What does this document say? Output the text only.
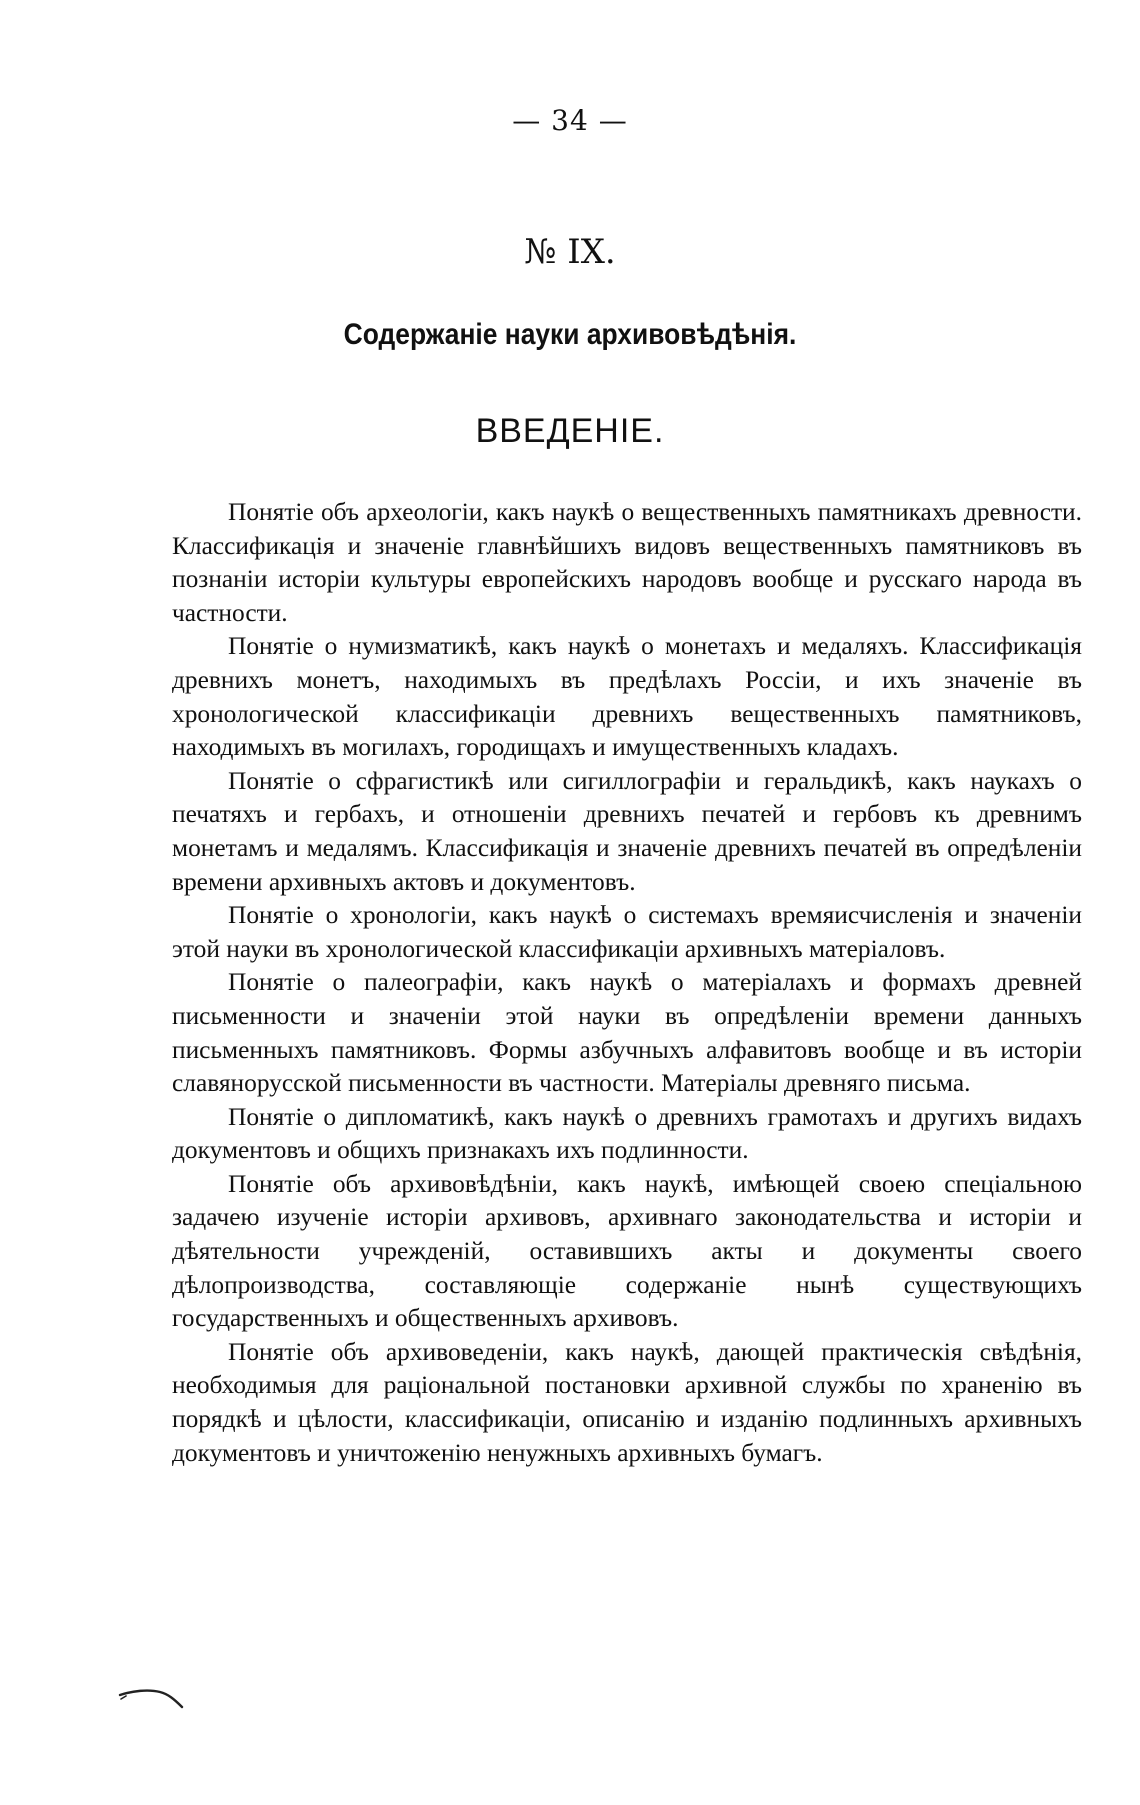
— 34 —
№ IX.
Содержаніе науки архивовѣдѣнія.
ВВЕДЕНІЕ.

Понятіе объ археологіи, какъ наукѣ о вещественныхъ памятникахъ древности. Классификація и значеніе главнѣйшихъ видовъ вещественныхъ памятниковъ въ познаніи исторіи культуры европейскихъ народовъ вообще и русскаго народа въ частности.

Понятіе о нумизматикѣ, какъ наукѣ о монетахъ и медаляхъ. Классификація древнихъ монетъ, находимыхъ въ предѣлахъ Россіи, и ихъ значеніе въ хронологической классификаціи древнихъ вещественныхъ памятниковъ, находимыхъ въ могилахъ, городищахъ и имущественныхъ кладахъ.

Понятіе о сфрагистикѣ или сигиллографіи и геральдикѣ, какъ наукахъ о печатяхъ и гербахъ, и отношеніи древнихъ печатей и гербовъ къ древнимъ монетамъ и медалямъ. Классификація и значеніе древнихъ печатей въ опредѣленіи времени архивныхъ актовъ и документовъ.

Понятіе о хронологіи, какъ наукѣ о системахъ времяисчисленія и значеніи этой науки въ хронологической классификаціи архивныхъ матеріаловъ.

Понятіе о палеографіи, какъ наукѣ о матеріалахъ и формахъ древней письменности и значеніи этой науки въ опредѣленіи времени данныхъ письменныхъ памятниковъ. Формы азбучныхъ алфавитовъ вообще и въ исторіи славянорусской письменности въ частности. Матеріалы древняго письма.

Понятіе о дипломатикѣ, какъ наукѣ о древнихъ грамотахъ и другихъ видахъ документовъ и общихъ признакахъ ихъ подлинности.

Понятіе объ архивовѣдѣніи, какъ наукѣ, имѣющей своею спеціальною задачею изученіе исторіи архивовъ, архивнаго законодательства и исторіи и дѣятельности учрежденій, оставившихъ акты и документы своего дѣлопроизводства, составляющіе содержаніе нынѣ существующихъ государственныхъ и общественныхъ архивовъ.

Понятіе объ архивоведеніи, какъ наукѣ, дающей практическія свѣдѣнія, необходимыя для раціональной постановки архивной службы по храненію въ порядкѣ и цѣлости, классификаціи, описанію и изданію подлинныхъ архивныхъ документовъ и уничтоженію ненужныхъ архивныхъ бумагъ.
